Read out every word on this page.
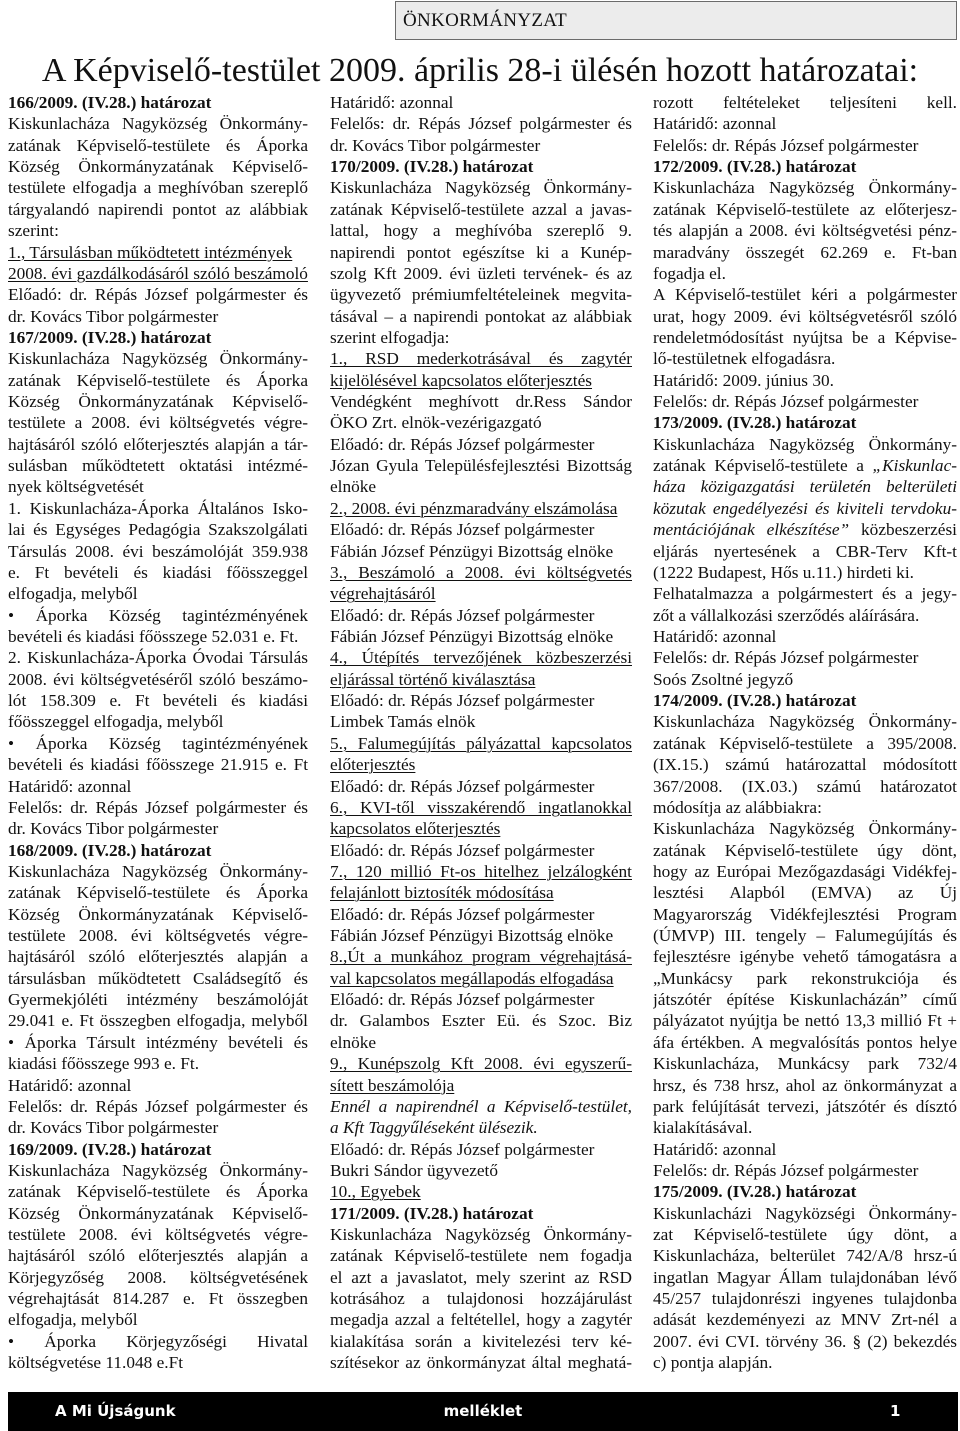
ÖNKORMÁNYZAT
A Képviselő-testület 2009. április 28-i ülésén hozott határozatai:
166/2009. (IV.28.) határozat
Kiskunlacháza Nagyközség Önkormány-
zatának Képviselő-testülete és Áporka
Község Önkormányzatának Képviselő-
testülete elfogadja a meghívóban szereplő
tárgyalandó napirendi pontot az alábbiak
szerint:
1., Társulásban működtetett intézmények
2008. évi gazdálkodásáról szóló beszámoló
Előadó: dr. Répás József polgármester és
dr. Kovács Tibor polgármester
167/2009. (IV.28.) határozat
Kiskunlacháza Nagyközség Önkormány-
zatának Képviselő-testülete és Áporka
Község Önkormányzatának Képviselő-
testülete a 2008. évi költségvetés végre-
hajtásáról szóló előterjesztés alapján a tár-
sulásban működtetett oktatási intézmé-
nyek költségvetését
1. Kiskunlacháza-Áporka Általános Isko-
lai és Egységes Pedagógia Szakszolgálati
Társulás 2008. évi beszámolóját 359.938
e. Ft bevételi és kiadási főösszeggel
elfogadja, melyből
• Áporka Község tagintézményének
bevételi és kiadási főösszege 52.031 e. Ft.
2. Kiskunlacháza-Áporka Óvodai Társulás
2008. évi költségvetéséről szóló beszámo-
lót 158.309 e. Ft bevételi és kiadási
főösszeggel elfogadja, melyből
• Áporka Község tagintézményének
bevételi és kiadási főösszege 21.915 e. Ft
Határidő: azonnal
Felelős: dr. Répás József polgármester és
dr. Kovács Tibor polgármester
168/2009. (IV.28.) határozat
Kiskunlacháza Nagyközség Önkormány-
zatának Képviselő-testülete és Áporka
Község Önkormányzatának Képviselő-
testülete 2008. évi költségvetés végre-
hajtásáról szóló előterjesztés alapján a
társulásban működtetett Családsegítő és
Gyermekjóléti intézmény beszámolóját
29.041 e. Ft összegben elfogadja, melyből
• Áporka Társult intézmény bevételi és
kiadási főösszege 993 e. Ft.
Határidő: azonnal
Felelős: dr. Répás József polgármester és
dr. Kovács Tibor polgármester
169/2009. (IV.28.) határozat
Kiskunlacháza Nagyközség Önkormány-
zatának Képviselő-testülete és Áporka
Község Önkormányzatának Képviselő-
testülete 2008. évi költségvetés végre-
hajtásáról szóló előterjesztés alapján a
Körjegyzőség 2008. költségvetésének
végrehajtását 814.287 e. Ft összegben
elfogadja, melyből
• Áporka Körjegyzőségi Hivatal
költségvetése 11.048 e.Ft
Határidő: azonnal
Felelős: dr. Répás József polgármester és
dr. Kovács Tibor polgármester
170/2009. (IV.28.) határozat
Kiskunlacháza Nagyközség Önkormány-
zatának Képviselő-testülete azzal a javas-
lattal, hogy a meghívóba szereplő 9.
napirendi pontot egészítse ki a Kunép-
szolg Kft 2009. évi üzleti tervének- és az
ügyvezető prémiumfeltételeinek megvita-
tásával – a napirendi pontokat az alábbiak
szerint elfogadja:
1., RSD mederkotrásával és zagytér
kijelölésével kapcsolatos előterjesztés
Vendégként meghívott dr.Ress Sándor
ÖKO Zrt. elnök-vezérigazgató
Előadó: dr. Répás József polgármester
Józan Gyula Településfejlesztési Bizottság
elnöke
2., 2008. évi pénzmaradvány elszámolása
Előadó: dr. Répás József polgármester
Fábián József Pénzügyi Bizottság elnöke
3., Beszámoló a 2008. évi költségvetés
végrehajtásáról
Előadó: dr. Répás József polgármester
Fábián József Pénzügyi Bizottság elnöke
4., Útépítés tervezőjének közbeszerzési
eljárással történő kiválasztása
Előadó: dr. Répás József polgármester
Limbek Tamás elnök
5., Falumegújítás pályázattal kapcsolatos
előterjesztés
Előadó: dr. Répás József polgármester
6., KVI-től visszakérendő ingatlanokkal
kapcsolatos előterjesztés
Előadó: dr. Répás József polgármester
7., 120 millió Ft-os hitelhez jelzálogként
felajánlott biztosíték módosítása
Előadó: dr. Répás József polgármester
Fábián József Pénzügyi Bizottság elnöke
8.,Út a munkához program végrehajtásá-
val kapcsolatos megállapodás elfogadása
Előadó: dr. Répás József polgármester
dr. Galambos Eszter Eü. és Szoc. Biz
elnöke
9., Kunépszolg Kft 2008. évi egyszerű-
sített beszámolója
Ennél a napirendnél a Képviselő-testület,
a Kft Taggyűléseként ülésezik.
Előadó: dr. Répás József polgármester
Bukri Sándor ügyvezető
10., Egyebek
171/2009. (IV.28.) határozat
Kiskunlacháza Nagyközség Önkormány-
zatának Képviselő-testülete nem fogadja
el azt a javaslatot, mely szerint az RSD
kotrásához a tulajdonosi hozzájárulást
megadja azzal a feltétellel, hogy a zagytér
kialakítása során a kivitelezési terv ké-
szítésekor az önkormányzat által meghatá-
rozott feltételeket teljesíteni kell.
Határidő: azonnal
Felelős: dr. Répás József polgármester
172/2009. (IV.28.) határozat
Kiskunlacháza Nagyközség Önkormány-
zatának Képviselő-testülete az előterjesz-
tés alapján a 2008. évi költségvetési pénz-
maradvány összegét 62.269 e. Ft-ban
fogadja el.
A Képviselő-testület kéri a polgármester
urat, hogy 2009. évi költségvetésről szóló
rendeletmódosítást nyújtsa be a Képvise-
lő-testületnek elfogadásra.
Határidő: 2009. június 30.
Felelős: dr. Répás József polgármester
173/2009. (IV.28.) határozat
Kiskunlacháza Nagyközség Önkormány-
zatának Képviselő-testülete a „Kiskunlac-
háza közigazgatási területén belterületi
közutak engedélyezési és kiviteli tervdoku-
mentációjának elkészítése” közbeszerzési
eljárás nyertesének a CBR-Terv Kft-t
(1222 Budapest, Hős u.11.) hirdeti ki.
Felhatalmazza a polgármestert és a jegy-
zőt a vállalkozási szerződés aláírására.
Határidő: azonnal
Felelős: dr. Répás József polgármester
Soós Zsoltné jegyző
174/2009. (IV.28.) határozat
Kiskunlacháza Nagyközség Önkormány-
zatának Képviselő-testülete a 395/2008.
(IX.15.) számú határozattal módosított
367/2008. (IX.03.) számú határozatot
módosítja az alábbiakra:
Kiskunlacháza Nagyközség Önkormány-
zatának Képviselő-testülete úgy dönt,
hogy az Európai Mezőgazdasági Vidékfej-
lesztési Alapból (EMVA) az Új
Magyarország Vidékfejlesztési Program
(ÚMVP) III. tengely – Falumegújítás és
fejlesztésre igénybe vehető támogatásra a
„Munkácsy park rekonstrukciója és
játszótér építése Kiskunlacházán” című
pályázatot nyújtja be nettó 13,3 millió Ft +
áfa értékben. A megvalósítás pontos helye
Kiskunlacháza, Munkácsy park 732/4
hrsz, és 738 hrsz, ahol az önkormányzat a
park felújítását tervezi, játszótér és dísztó
kialakításával.
Határidő: azonnal
Felelős: dr. Répás József polgármester
175/2009. (IV.28.) határozat
Kiskunlacházi Nagyközségi Önkormány-
zat Képviselő-testülete úgy dönt, a
Kiskunlacháza, belterület 742/A/8 hrsz-ú
ingatlan Magyar Állam tulajdonában lévő
45/257 tulajdonrészi ingyenes tulajdonba
adását kezdeményezi az MNV Zrt-nél a
2007. évi CVI. törvény 36. § (2) bekezdés
c) pontja alapján.
A Mi Újságunk	melléklet	1
